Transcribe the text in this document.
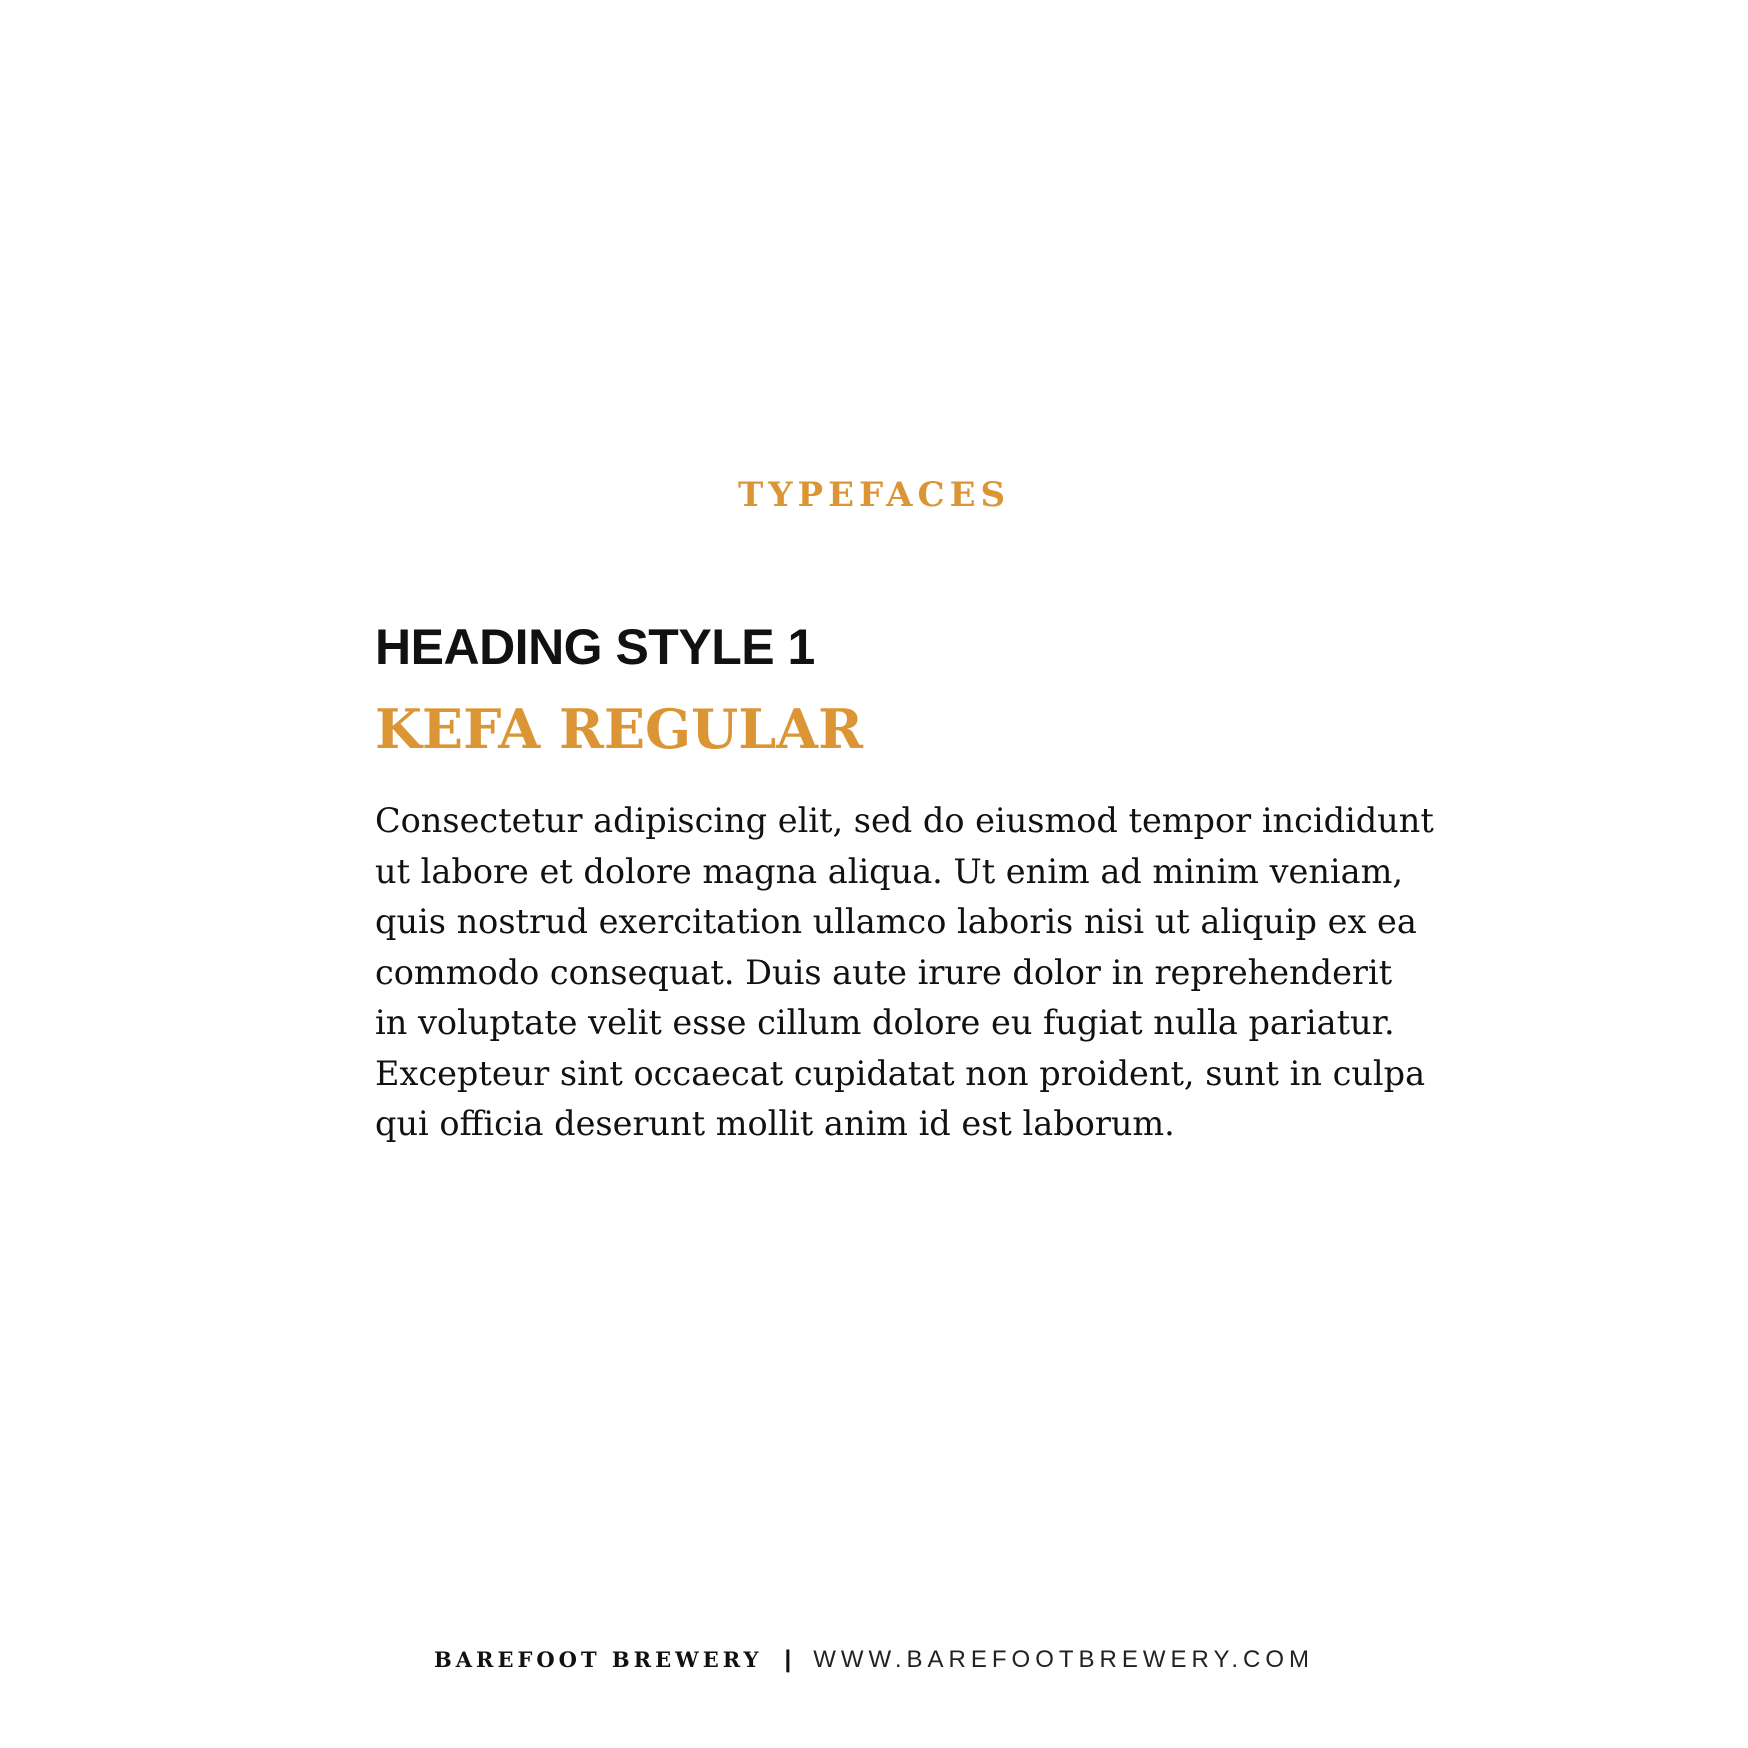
TYPEFACES
HEADING STYLE 1
KEFA REGULAR

Consectetur adipiscing elit, sed do eiusmod tempor incididunt ut labore et dolore magna aliqua. Ut enim ad minim veniam, quis nostrud exercitation ullamco laboris nisi ut aliquip ex ea commodo consequat. Duis aute irure dolor in reprehenderit in voluptate velit esse cillum dolore eu fugiat nulla pariatur. Excepteur sint occaecat cupidatat non proident, sunt in culpa qui officia deserunt mollit anim id est laborum.

BAREFOOT BREWERY | WWW.BAREFOOTBREWERY.COM
